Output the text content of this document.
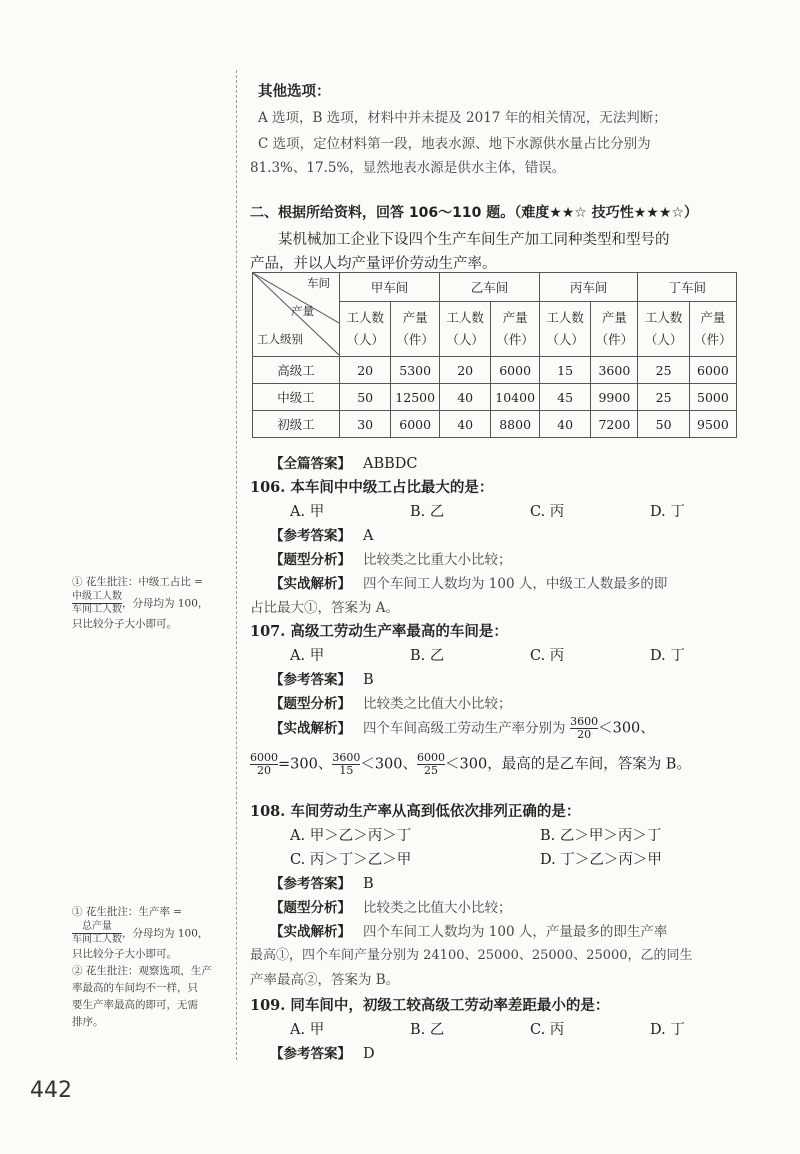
其他选项：
A 选项，B 选项，材料中并未提及 2017 年的相关情况，无法判断；
C 选项，定位材料第一段，地表水源、地下水源供水量占比分别为
81.3%、17.5%，显然地表水源是供水主体，错误。
二、根据所给资料，回答 106～110 题。（难度★★☆ 技巧性★★★☆）
某机械加工企业下设四个生产车间生产加工同种类型和型号的
产品，并以人均产量评价劳动生产率。
车间
产量
工人级别	甲车间		乙车间		丙车间		丁车间	
	工人数（人）	产量（件）	工人数（人）	产量（件）	工人数（人）	产量（件）	工人数（人）	产量（件）
高级工	20	5300	20	6000	15	3600	25	6000
中级工	50	12500	40	10400	45	9900	25	5000
初级工	30	6000	40	8800	40	7200	50	9500
【 全篇答案 】 ABBDC
106. 本车间中中级工占比最大的是：
A. 甲	B. 乙	C. 丙	D. 丁
【 参考答案 】 A
【 题型分析 】 比较类之比重大小比较；
【 实战解析 】 四个车间工人数均为 100 人，中级工人数最多的即
占比最大①，答案为 A。
107. 高级工劳动生产率最高的车间是：
A. 甲	B. 乙	C. 丙	D. 丁
【 参考答案 】 B
【 题型分析 】 比较类之比值大小比较；
【 实战解析 】 四个车间高级工劳动生产率分别为 $\frac{3600}{20} <300$、
$\frac{6000}{20} =300$、 $\frac{3600}{15} <300$、 $\frac{6000}{25} <300$，最高的是乙车间，答案为 B。
108. 车间劳动生产率从高到低依次排列正确的是：
A. 甲＞乙＞丙＞丁	B. 乙＞甲＞丙＞丁
C. 丙＞丁＞乙＞甲	D. 丁＞乙＞丙＞甲
【 参考答案 】 B
【 题型分析 】 比较类之比值大小比较；
【 实战解析 】 四个车间工人数均为 100 人，产量最多的即生产率
最高①，四个车间产量分别为 24100、25000、25000、25000，乙的同生
产率最高②，答案为 B。
109. 同车间中，初级工较高级工劳动率差距最小的是：
A. 甲	B. 乙	C. 丙	D. 丁
【 参考答案 】 D
① 花生批注：中级工占比 =
$\frac{\text{中级工人数}}{\text{车间工人数}}$ ，分母均为 100，
只比较分子大小即可。
① 花生批注：生产率 =
$\frac{\text{总产量}}{\text{车间工人数}}$ ，分母均为 100，
只比较分子大小即可。
② 花生批注：观察选项，生产
率最高的车间均不一样，只
要生产率最高的即可，无需
排序。
442
